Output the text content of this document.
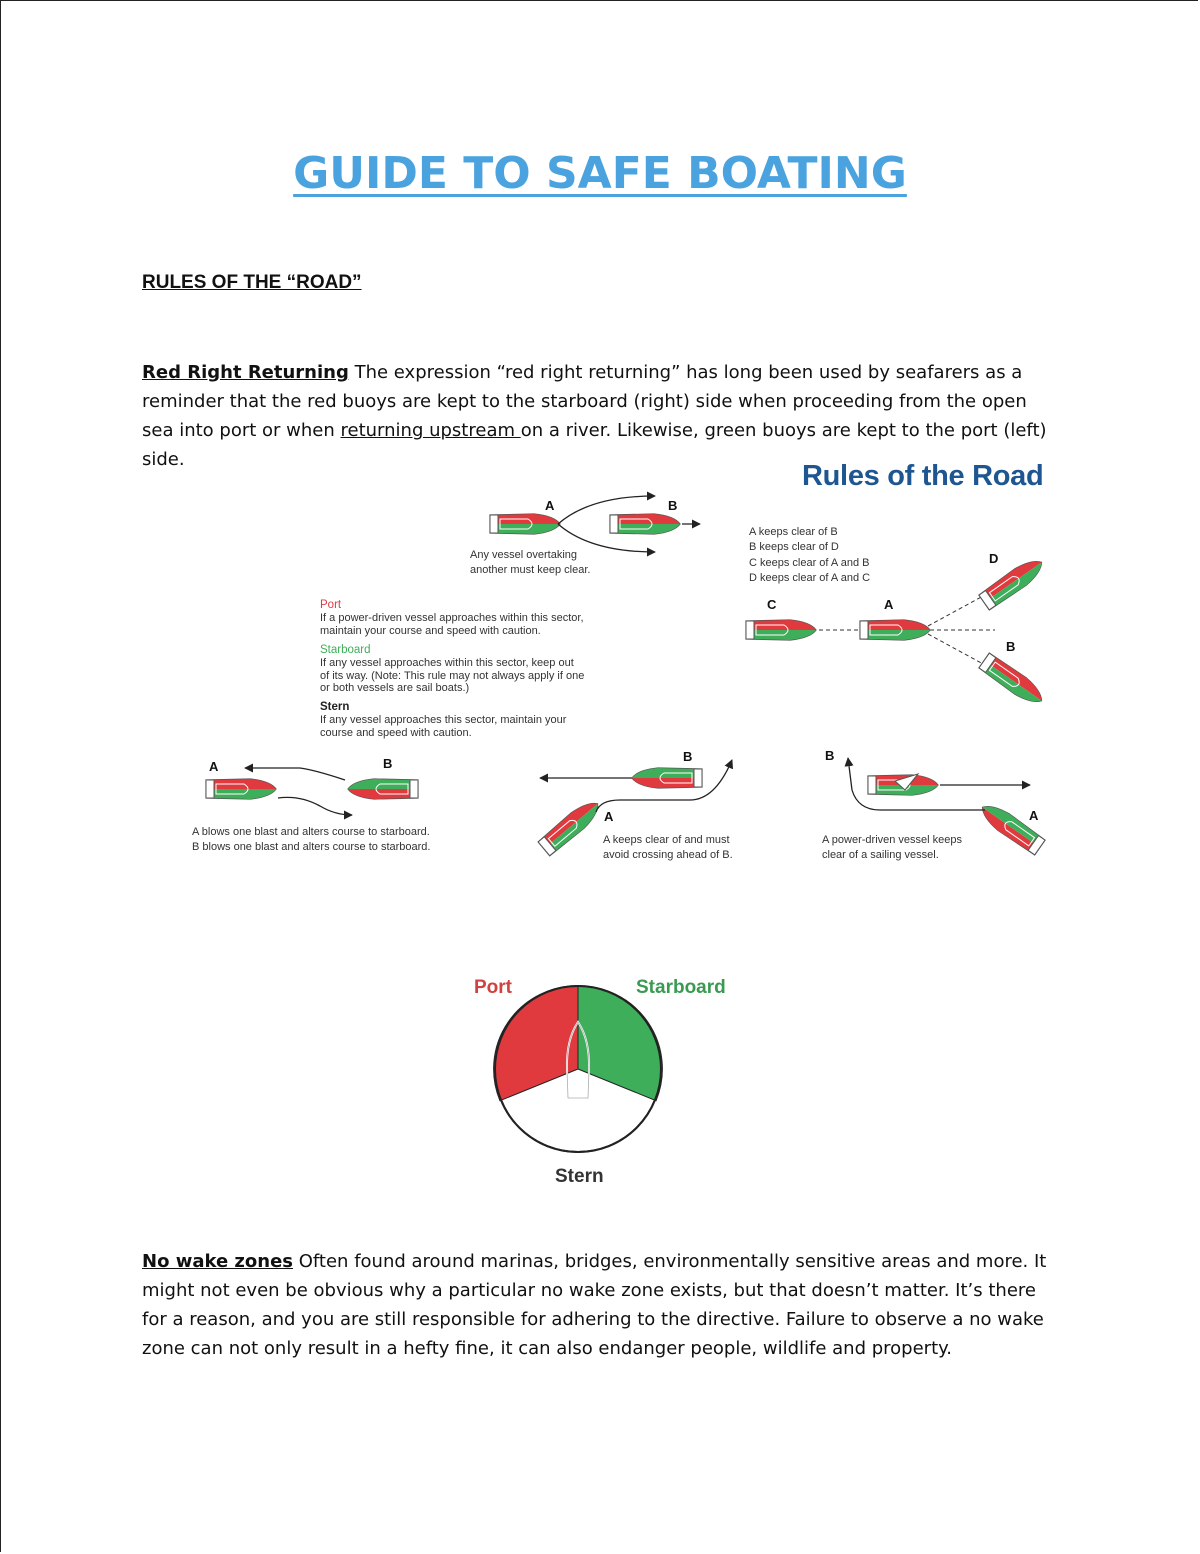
GUIDE TO SAFE BOATING
RULES OF THE “ROAD”
Red Right Returning The expression “red right returning” has long been used by seafarers as a reminder that the red buoys are kept to the starboard (right) side when proceeding from the open sea into port or when returning upstream on a river. Likewise, green buoys are kept to the port (left) side.
Rules of the Road
A	B
Any vessel overtaking
another must keep clear.
Port
If a power-driven vessel approaches within this sector,
maintain your course and speed with caution.
Starboard
If any vessel approaches within this sector, keep out
of its way. (Note: This rule may not always apply if one
or both vessels are sail boats.)
Stern
If any vessel approaches this sector, maintain your
course and speed with caution.
A keeps clear of B
B keeps clear of D
C keeps clear of A and B
D keeps clear of A and C
C	A
D
B
A	B
A blows one blast and alters course to starboard.
B blows one blast and alters course to starboard.
B
A
A keeps clear of and must
avoid crossing ahead of B.
B
A
A power-driven vessel keeps
clear of a sailing vessel.
Port	Starboard
Stern
No wake zones Often found around marinas, bridges, environmentally sensitive areas and more. It might not even be obvious why a particular no wake zone exists, but that doesn’t matter. It’s there for a reason, and you are still responsible for adhering to the directive. Failure to observe a no wake zone can not only result in a hefty fine, it can also endanger people, wildlife and property.
